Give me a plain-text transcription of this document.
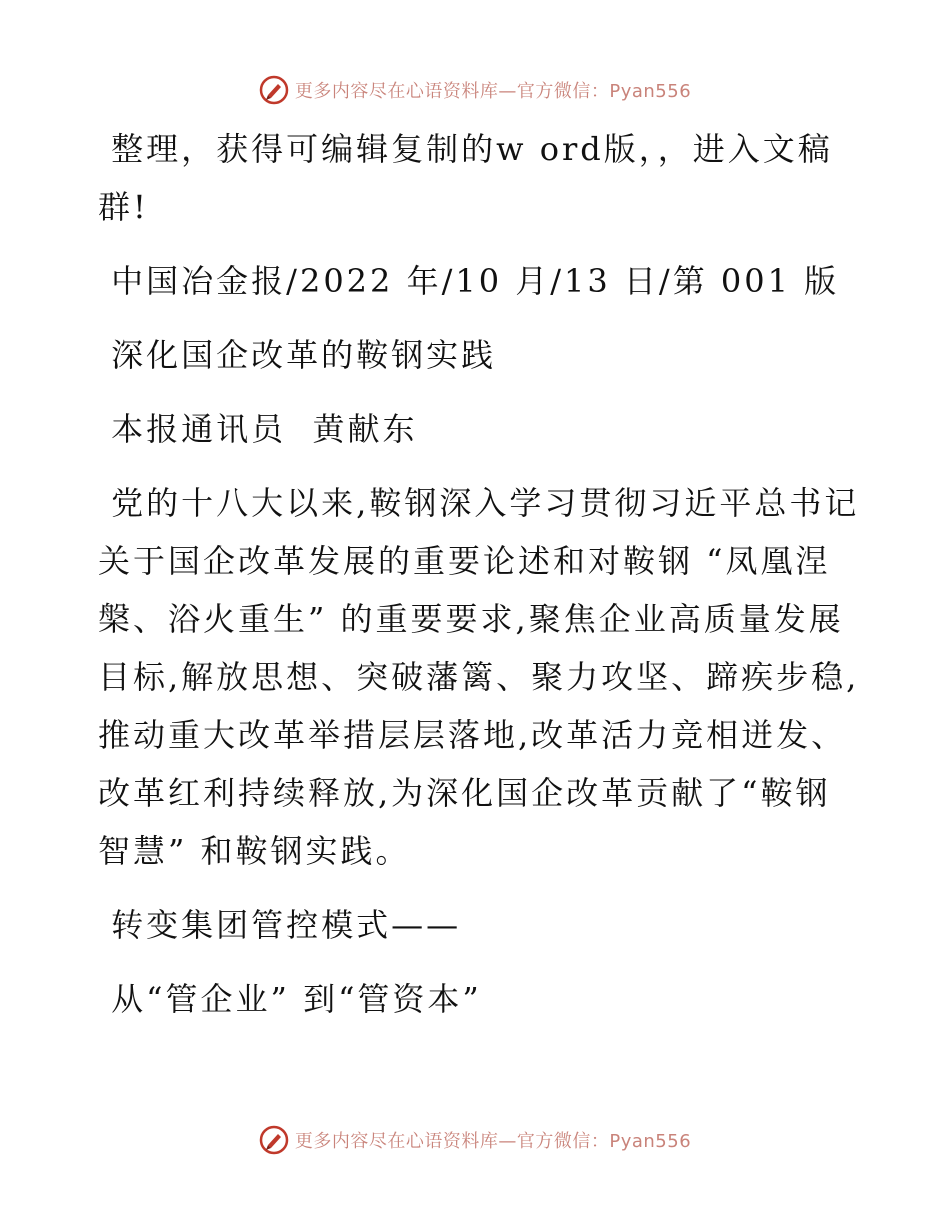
更多内容尽在心语资料库—官方微信：Pyan556
整理，获得可编辑复制的w ord版，，进入文稿
群!
中国冶金报/2022 年/10 月/13 日/第 001 版
深化国企改革的鞍钢实践
本报通讯员  黄献东
党的十八大以来,鞍钢深入学习贯彻习近平总书记
关于国企改革发展的重要论述和对鞍钢 “凤凰涅
槃、浴火重生” 的重要要求,聚焦企业高质量发展
目标,解放思想、突破藩篱、聚力攻坚、蹄疾步稳,
推动重大改革举措层层落地,改革活力竞相迸发、
改革红利持续释放,为深化国企改革贡献了“鞍钢
智慧” 和鞍钢实践。
转变集团管控模式——
从“管企业” 到“管资本”
更多内容尽在心语资料库—官方微信：Pyan556
